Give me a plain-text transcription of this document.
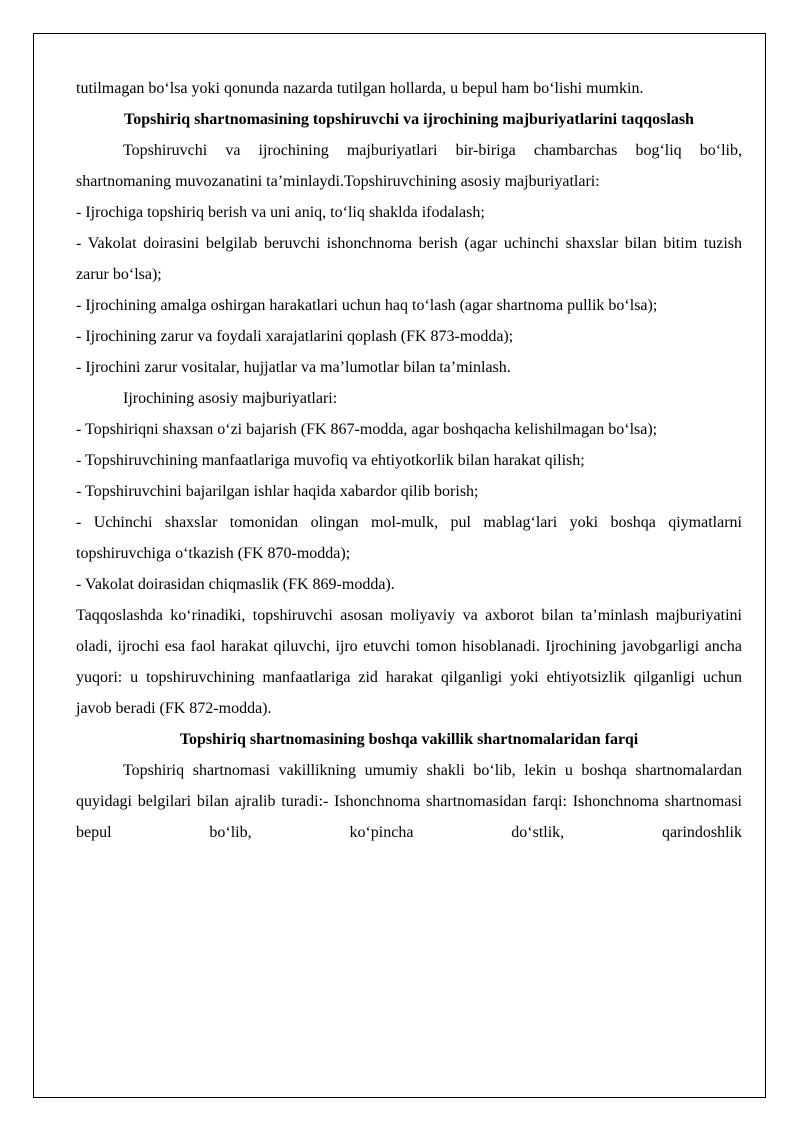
tutilmagan bo‘lsa yoki qonunda nazarda tutilgan hollarda, u bepul ham bo‘lishi mumkin.

Topshiriq shartnomasining topshiruvchi va ijrochining majburiyatlarini taqqoslash

Topshiruvchi va ijrochining majburiyatlari bir-biriga chambarchas bog‘liq bo‘lib, shartnomaning muvozanatini ta’minlaydi.Topshiruvchining asosiy majburiyatlari:

- Ijrochiga topshiriq berish va uni aniq, to‘liq shaklda ifodalash;

- Vakolat doirasini belgilab beruvchi ishonchnoma berish (agar uchinchi shaxslar bilan bitim tuzish zarur bo‘lsa);

- Ijrochining amalga oshirgan harakatlari uchun haq to‘lash (agar shartnoma pullik bo‘lsa);

- Ijrochining zarur va foydali xarajatlarini qoplash (FK 873-modda);

- Ijrochini zarur vositalar, hujjatlar va ma’lumotlar bilan ta’minlash.

Ijrochining asosiy majburiyatlari:

- Topshiriqni shaxsan o‘zi bajarish (FK 867-modda, agar boshqacha kelishilmagan bo‘lsa);

- Topshiruvchining manfaatlariga muvofiq va ehtiyotkorlik bilan harakat qilish;

- Topshiruvchini bajarilgan ishlar haqida xabardor qilib borish;

- Uchinchi shaxslar tomonidan olingan mol-mulk, pul mablag‘lari yoki boshqa qiymatlarni topshiruvchiga o‘tkazish (FK 870-modda);

- Vakolat doirasidan chiqmaslik (FK 869-modda).

Taqqoslashda ko‘rinadiki, topshiruvchi asosan moliyaviy va axborot bilan ta’minlash majburiyatini oladi, ijrochi esa faol harakat qiluvchi, ijro etuvchi tomon hisoblanadi. Ijrochining javobgarligi ancha yuqori: u topshiruvchining manfaatlariga zid harakat qilganligi yoki ehtiyotsizlik qilganligi uchun javob beradi (FK 872-modda).

Topshiriq shartnomasining boshqa vakillik shartnomalaridan farqi

Topshiriq shartnomasi vakillikning umumiy shakli bo‘lib, lekin u boshqa shartnomalardan quyidagi belgilari bilan ajralib turadi:- Ishonchnoma shartnomasidan farqi: Ishonchnoma shartnomasi bepul bo‘lib, ko‘pincha do‘stlik, qarindoshlik
